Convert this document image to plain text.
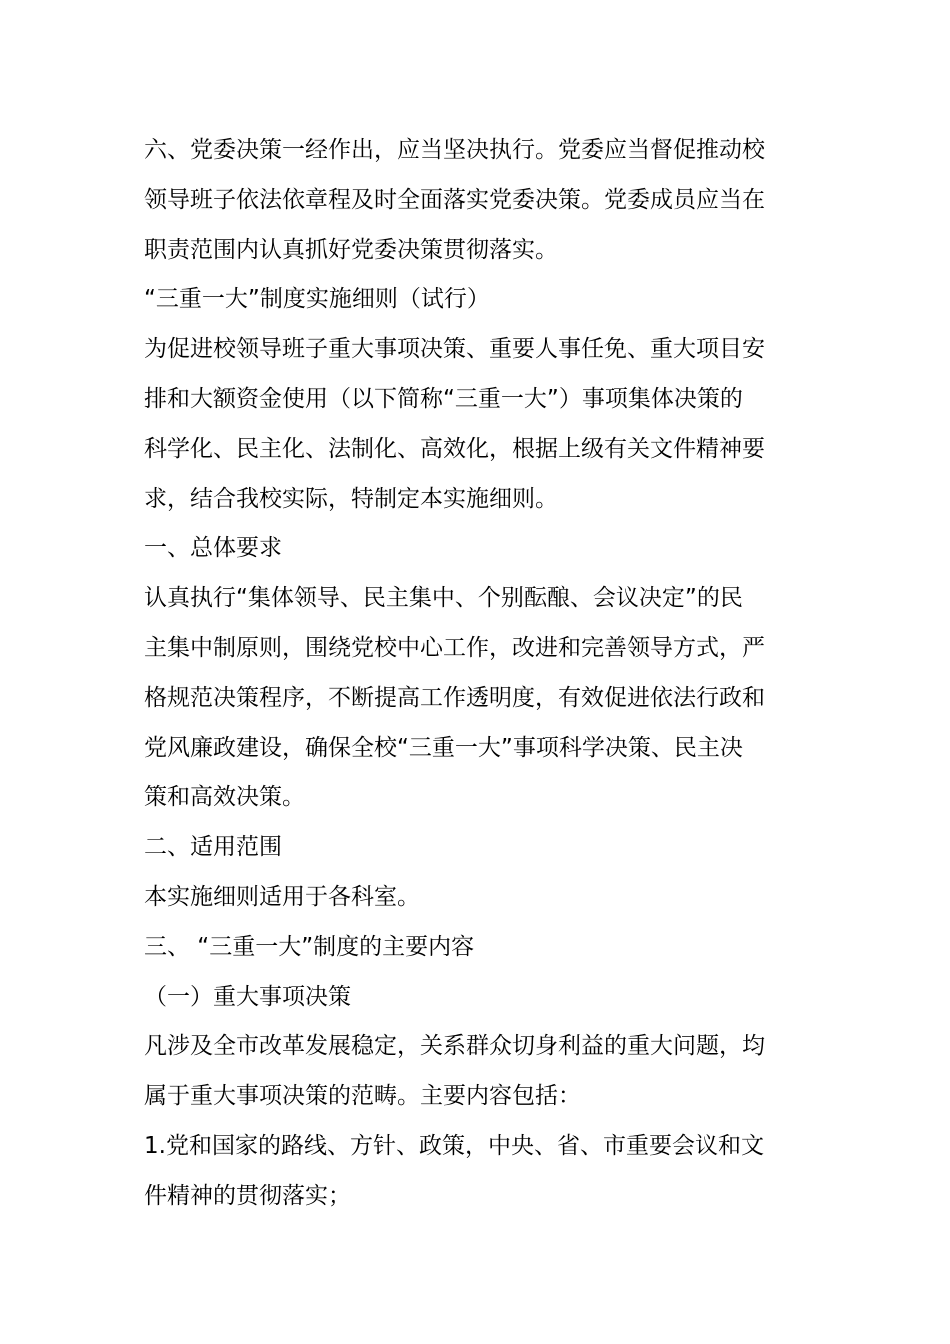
六、党委决策一经作出，应当坚决执行。党委应当督促推动校
领导班子依法依章程及时全面落实党委决策。党委成员应当在
职责范围内认真抓好党委决策贯彻落实。
“三重一大”制度实施细则（试行）
为促进校领导班子重大事项决策、重要人事任免、重大项目安
排和大额资金使用（以下简称“三重一大”）事项集体决策的
科学化、民主化、法制化、高效化，根据上级有关文件精神要
求，结合我校实际，特制定本实施细则。
一、总体要求
认真执行“集体领导、民主集中、个别酝酿、会议决定”的民
主集中制原则，围绕党校中心工作，改进和完善领导方式，严
格规范决策程序，不断提高工作透明度，有效促进依法行政和
党风廉政建设，确保全校“三重一大”事项科学决策、民主决
策和高效决策。
二、适用范围
本实施细则适用于各科室。
三、 “三重一大”制度的主要内容
（一）重大事项决策
凡涉及全市改革发展稳定，关系群众切身利益的重大问题，均
属于重大事项决策的范畴。主要内容包括：
1.党和国家的路线、方针、政策，中央、省、市重要会议和文
件精神的贯彻落实；
